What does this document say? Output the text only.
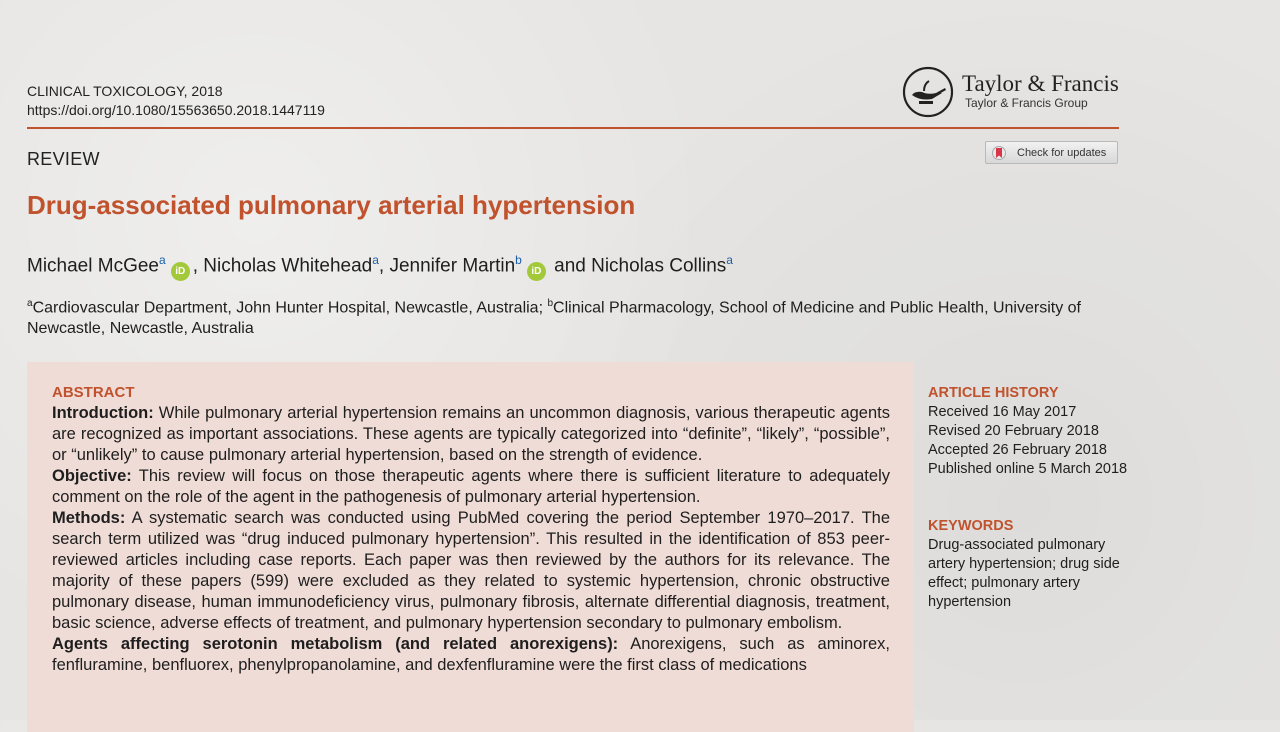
CLINICAL TOXICOLOGY, 2018
https://doi.org/10.1080/15563650.2018.1447119
Taylor & Francis
Taylor & Francis Group
REVIEW	Check for updates
Drug-associated pulmonary arterial hypertension
Michael McGee$^a$iD , Nicholas Whitehead$^a$, Jennifer Martin$^b$iD and Nicholas Collins$^a$
$^a$Cardiovascular Department, John Hunter Hospital, Newcastle, Australia; $^b$Clinical Pharmacology, School of Medicine and Public Health, University of Newcastle, Newcastle, Australia
ABSTRACT

Introduction: While pulmonary arterial hypertension remains an uncommon diagnosis, various therapeutic agents are recognized as important associations. These agents are typically categorized into “definite”, “likely”, “possible”, or “unlikely” to cause pulmonary arterial hypertension, based on the strength of evidence.

Objective: This review will focus on those therapeutic agents where there is sufficient literature to adequately comment on the role of the agent in the pathogenesis of pulmonary arterial hypertension.

Methods: A systematic search was conducted using PubMed covering the period September 1970–2017. The search term utilized was “drug induced pulmonary hypertension”. This resulted in the identification of 853 peer-reviewed articles including case reports. Each paper was then reviewed by the authors for its relevance. The majority of these papers (599) were excluded as they related to systemic hypertension, chronic obstructive pulmonary disease, human immunodeficiency virus, pulmonary fibrosis, alternate differential diagnosis, treatment, basic science, adverse effects of treatment, and pulmonary hypertension secondary to pulmonary embolism.

Agents affecting serotonin metabolism (and related anorexigens): Anorexigens, such as aminorex, fenfluramine, benfluorex, phenylpropanolamine, and dexfenfluramine were the first class of medications

ARTICLE HISTORY
Received 16 May 2017
Revised 20 February 2018
Accepted 26 February 2018
Published online 5 March 2018
KEYWORDS
Drug-associated pulmonary artery hypertension; drug side effect; pulmonary artery hypertension
